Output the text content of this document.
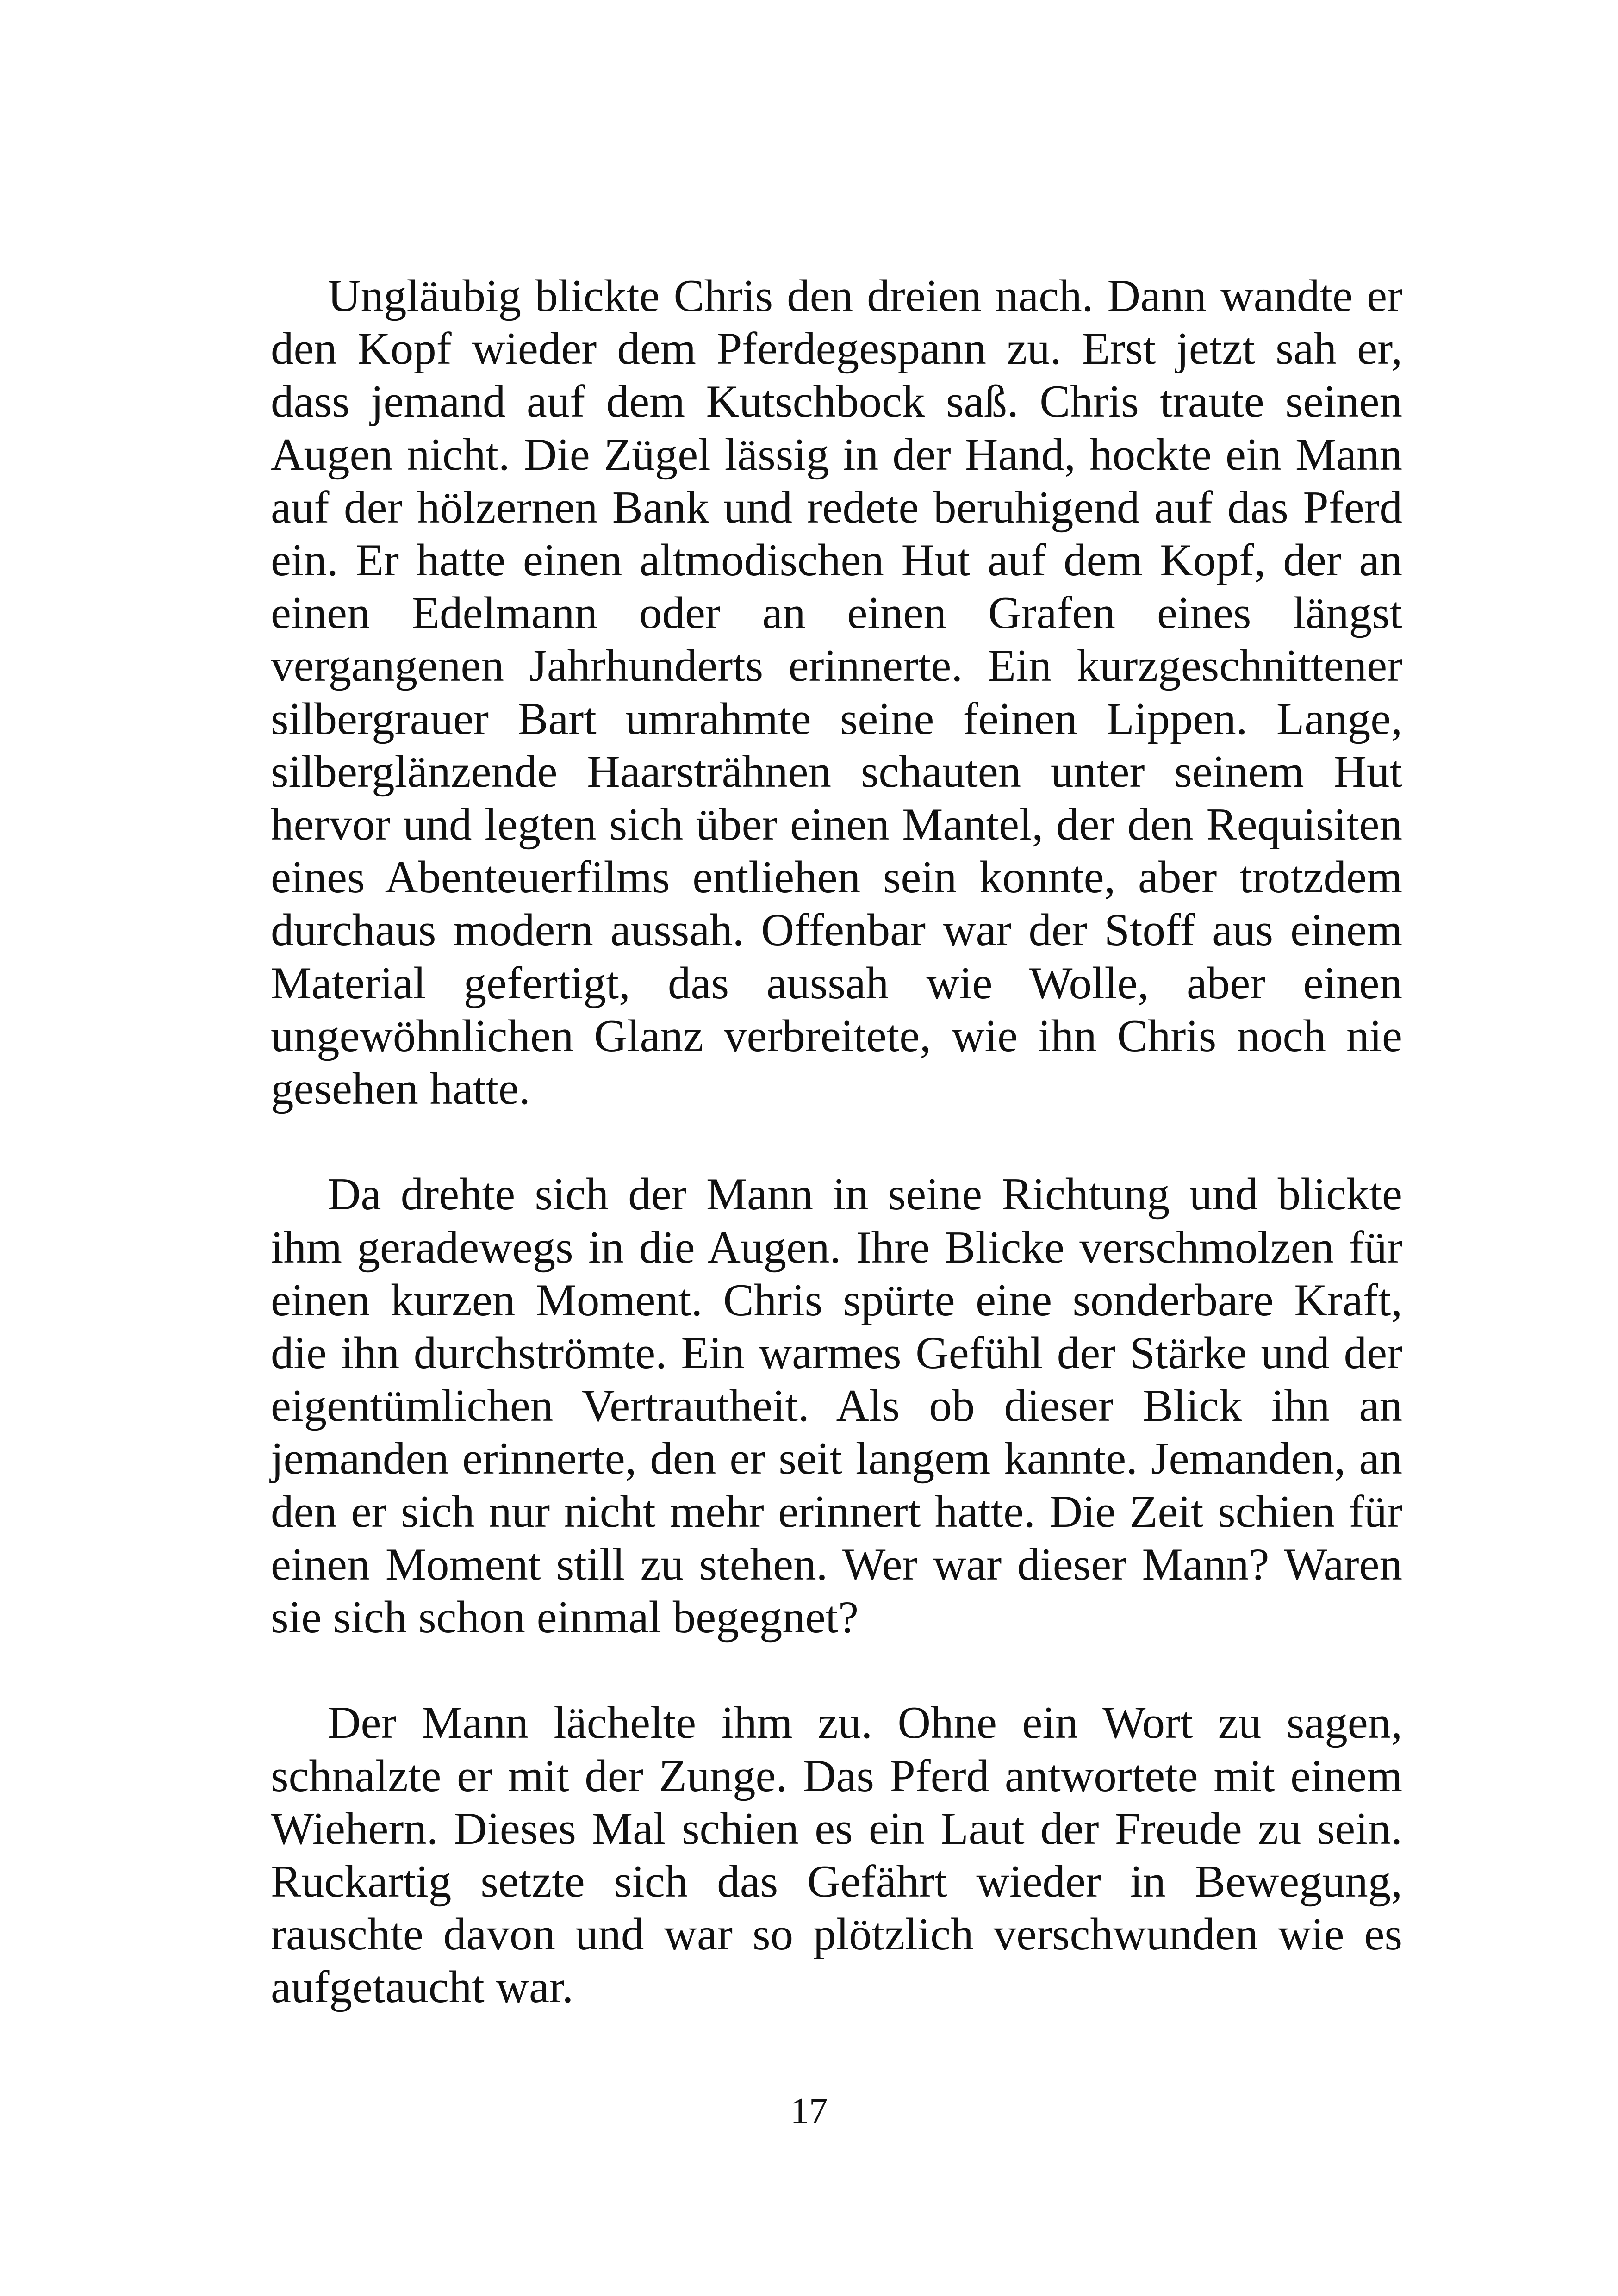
Ungläubig blickte Chris den dreien nach. Dann wandte er den Kopf wieder dem Pferdegespann zu. Erst jetzt sah er, dass jemand auf dem Kutschbock saß. Chris traute seinen Augen nicht. Die Zügel lässig in der Hand, hockte ein Mann auf der hölzernen Bank und redete beruhigend auf das Pferd ein. Er hatte einen altmodischen Hut auf dem Kopf, der an einen Edelmann oder an einen Grafen eines längst vergangenen Jahrhunderts erinnerte. Ein kurzgeschnittener silbergrauer Bart umrahmte seine feinen Lippen. Lange, silberglänzende Haarsträhnen schauten unter seinem Hut hervor und legten sich über einen Mantel, der den Requisiten eines Abenteuerfilms entliehen sein konnte, aber trotzdem durchaus modern aussah. Offenbar war der Stoff aus einem Material gefertigt, das aussah wie Wolle, aber einen ungewöhnlichen Glanz verbreitete, wie ihn Chris noch nie gesehen hatte.

Da drehte sich der Mann in seine Richtung und blickte ihm geradewegs in die Augen. Ihre Blicke verschmolzen für einen kurzen Moment. Chris spürte eine sonderbare Kraft, die ihn durchströmte. Ein warmes Gefühl der Stärke und der eigentümlichen Vertrautheit. Als ob dieser Blick ihn an jemanden erinnerte, den er seit langem kannte. Jemanden, an den er sich nur nicht mehr erinnert hatte. Die Zeit schien für einen Moment still zu stehen. Wer war dieser Mann? Waren sie sich schon einmal begegnet?

Der Mann lächelte ihm zu. Ohne ein Wort zu sagen, schnalzte er mit der Zunge. Das Pferd antwortete mit einem Wiehern. Dieses Mal schien es ein Laut der Freude zu sein. Ruckartig setzte sich das Gefährt wieder in Bewegung, rauschte davon und war so plötzlich verschwunden wie es aufgetaucht war.

17
